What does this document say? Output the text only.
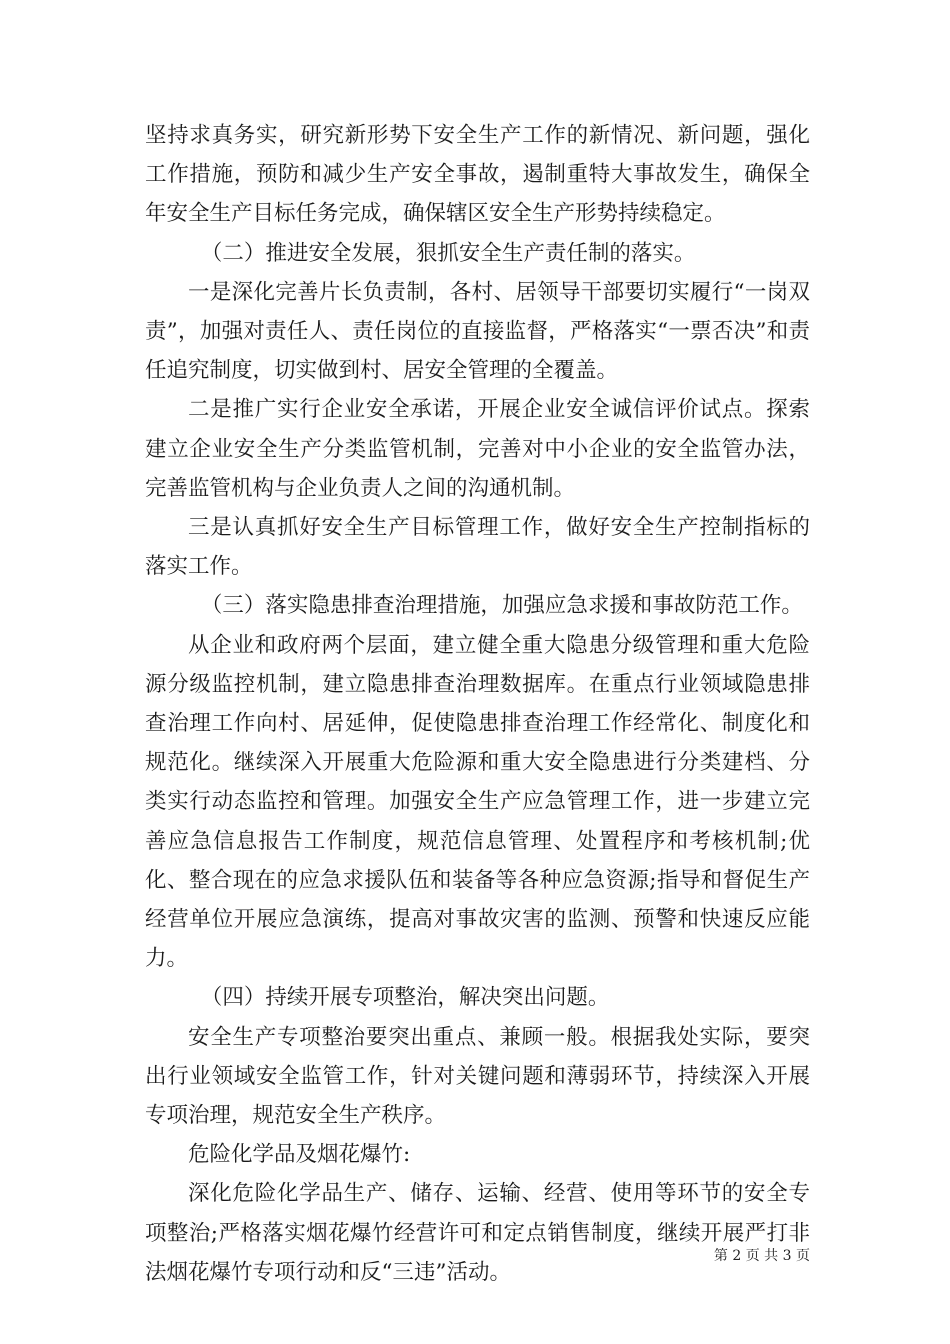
坚持求真务实，研究新形势下安全生产工作的新情况、新问题，强化工作措施，预防和减少生产安全事故，遏制重特大事故发生，确保全年安全生产目标任务完成，确保辖区安全生产形势持续稳定。

（二）推进安全发展，狠抓安全生产责任制的落实。

一是深化完善片长负责制，各村、居领导干部要切实履行“一岗双责”，加强对责任人、责任岗位的直接监督，严格落实“一票否决”和责任追究制度，切实做到村、居安全管理的全覆盖。

二是推广实行企业安全承诺，开展企业安全诚信评价试点。探索建立企业安全生产分类监管机制，完善对中小企业的安全监管办法，完善监管机构与企业负责人之间的沟通机制。

三是认真抓好安全生产目标管理工作，做好安全生产控制指标的落实工作。

（三）落实隐患排查治理措施，加强应急求援和事故防范工作。

从企业和政府两个层面，建立健全重大隐患分级管理和重大危险源分级监控机制，建立隐患排查治理数据库。在重点行业领域隐患排查治理工作向村、居延伸，促使隐患排查治理工作经常化、制度化和规范化。继续深入开展重大危险源和重大安全隐患进行分类建档、分类实行动态监控和管理。加强安全生产应急管理工作，进一步建立完善应急信息报告工作制度，规范信息管理、处置程序和考核机制;优化、整合现在的应急求援队伍和装备等各种应急资源;指导和督促生产经营单位开展应急演练，提高对事故灾害的监测、预警和快速反应能力。

（四）持续开展专项整治，解决突出问题。

安全生产专项整治要突出重点、兼顾一般。根据我处实际，要突出行业领域安全监管工作，针对关键问题和薄弱环节，持续深入开展专项治理，规范安全生产秩序。

危险化学品及烟花爆竹:

深化危险化学品生产、储存、运输、经营、使用等环节的安全专项整治;严格落实烟花爆竹经营许可和定点销售制度，继续开展严打非法烟花爆竹专项行动和反“三违”活动。

第 2 页 共 3 页
